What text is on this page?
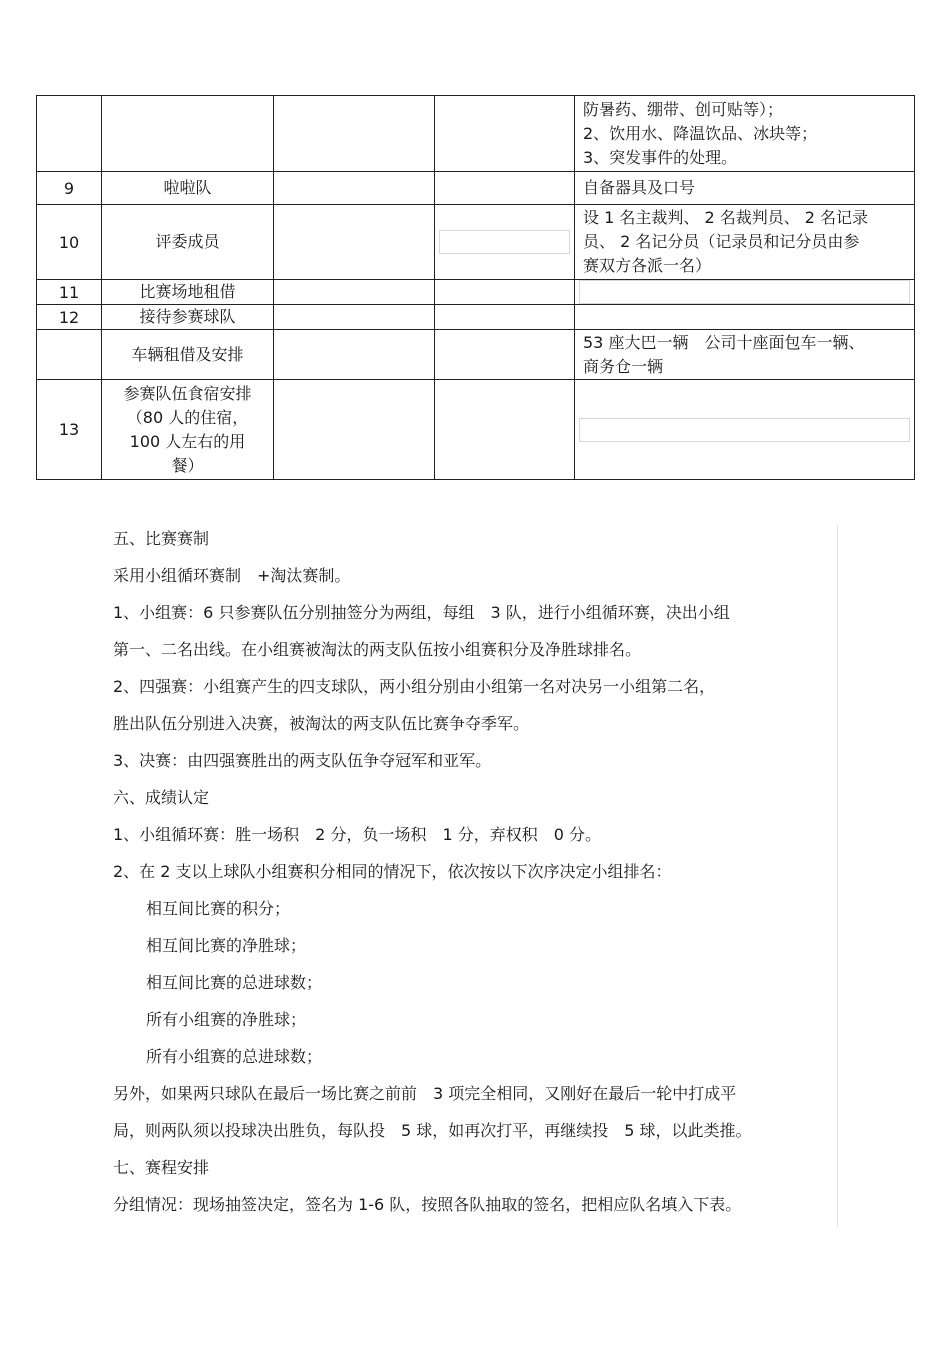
				防暑药、绷带、创可贴等）；
2、饮用水、降温饮品、冰块等；
3、突发事件的处理。

9	啦啦队			自备器具及口号

10	评委成员			设 1 名主裁判、 2 名裁判员、 2 名记录
员、 2 名记分员（记录员和记分员由参
赛双方各派一名）

11	比赛场地租借			

12	接待参赛球队			
	车辆租借及安排			53 座大巴一辆　公司十座面包车一辆、
商务仓一辆

13	参赛队伍食宿安排
（80 人的住宿，
100 人左右的用
餐）			

五、比赛赛制

采用小组循环赛制　+淘汰赛制。

1、小组赛：6 只参赛队伍分别抽签分为两组，每组　3 队，进行小组循环赛，决出小组

第一、二名出线。在小组赛被淘汰的两支队伍按小组赛积分及净胜球排名。

2、四强赛：小组赛产生的四支球队，两小组分别由小组第一名对决另一小组第二名，

胜出队伍分别进入决赛，被淘汰的两支队伍比赛争夺季军。

3、决赛：由四强赛胜出的两支队伍争夺冠军和亚军。

六、成绩认定

1、小组循环赛：胜一场积　2 分，负一场积　1 分，弃权积　0 分。

2、在 2 支以上球队小组赛积分相同的情况下，依次按以下次序决定小组排名：

相互间比赛的积分；

相互间比赛的净胜球；

相互间比赛的总进球数；

所有小组赛的净胜球；

所有小组赛的总进球数；

另外，如果两只球队在最后一场比赛之前前　3 项完全相同，又刚好在最后一轮中打成平

局，则两队须以投球决出胜负，每队投　5 球，如再次打平，再继续投　5 球，以此类推。

七、赛程安排

分组情况：现场抽签决定，签名为 1-6 队，按照各队抽取的签名，把相应队名填入下表。
